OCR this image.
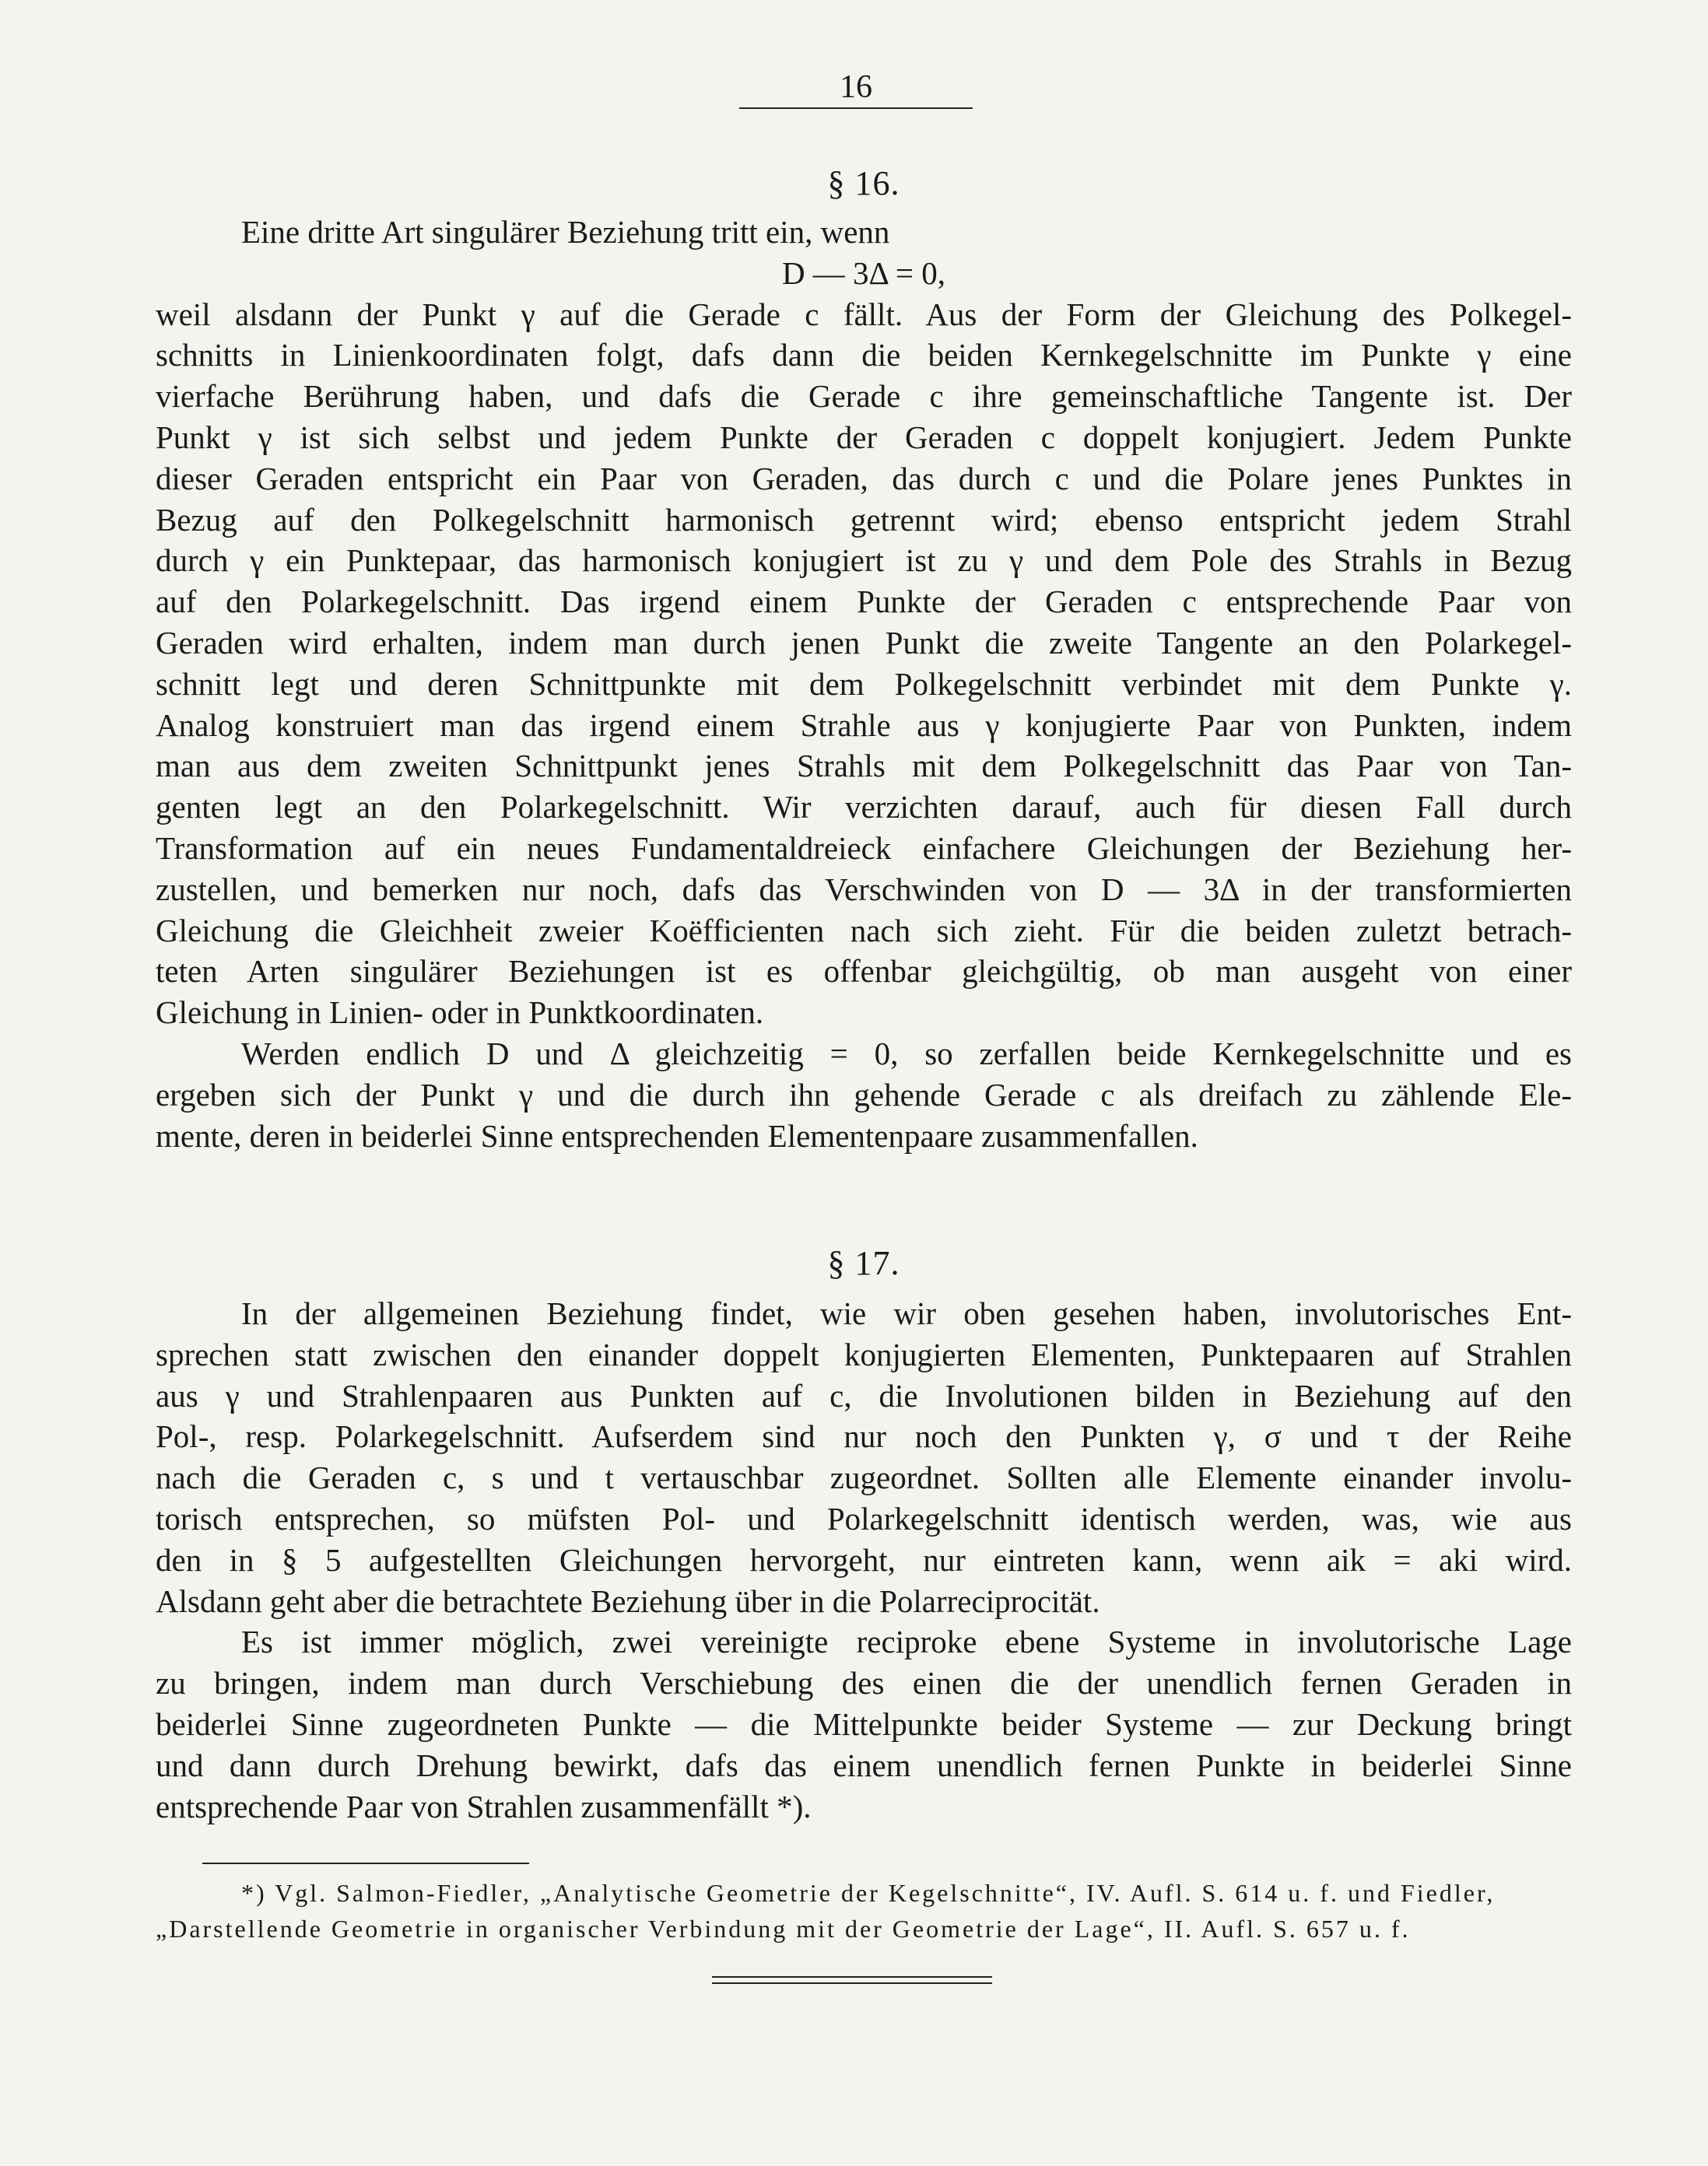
16
§ 16.
Eine dritte Art singulärer Beziehung tritt ein, wenn
D — 3Δ = 0,
weil alsdann der Punkt γ auf die Gerade c fällt. Aus der Form der Gleichung des Polkegel-
schnitts in Linienkoordinaten folgt, dafs dann die beiden Kernkegelschnitte im Punkte γ eine
vierfache Berührung haben, und dafs die Gerade c ihre gemeinschaftliche Tangente ist. Der
Punkt γ ist sich selbst und jedem Punkte der Geraden c doppelt konjugiert. Jedem Punkte
dieser Geraden entspricht ein Paar von Geraden, das durch c und die Polare jenes Punktes in
Bezug auf den Polkegelschnitt harmonisch getrennt wird; ebenso entspricht jedem Strahl
durch γ ein Punktepaar, das harmonisch konjugiert ist zu γ und dem Pole des Strahls in Bezug
auf den Polarkegelschnitt. Das irgend einem Punkte der Geraden c entsprechende Paar von
Geraden wird erhalten, indem man durch jenen Punkt die zweite Tangente an den Polarkegel-
schnitt legt und deren Schnittpunkte mit dem Polkegelschnitt verbindet mit dem Punkte γ.
Analog konstruiert man das irgend einem Strahle aus γ konjugierte Paar von Punkten, indem
man aus dem zweiten Schnittpunkt jenes Strahls mit dem Polkegelschnitt das Paar von Tan-
genten legt an den Polarkegelschnitt. Wir verzichten darauf, auch für diesen Fall durch
Transformation auf ein neues Fundamentaldreieck einfachere Gleichungen der Beziehung her-
zustellen, und bemerken nur noch, dafs das Verschwinden von D — 3Δ in der transformierten
Gleichung die Gleichheit zweier Koëfficienten nach sich zieht. Für die beiden zuletzt betrach-
teten Arten singulärer Beziehungen ist es offenbar gleichgültig, ob man ausgeht von einer
Gleichung in Linien- oder in Punktkoordinaten.
Werden endlich D und Δ gleichzeitig = 0, so zerfallen beide Kernkegelschnitte und es
ergeben sich der Punkt γ und die durch ihn gehende Gerade c als dreifach zu zählende Ele-
mente, deren in beiderlei Sinne entsprechenden Elementenpaare zusammenfallen.
§ 17.
In der allgemeinen Beziehung findet, wie wir oben gesehen haben, involutorisches Ent-
sprechen statt zwischen den einander doppelt konjugierten Elementen, Punktepaaren auf Strahlen
aus γ und Strahlenpaaren aus Punkten auf c, die Involutionen bilden in Beziehung auf den
Pol-, resp. Polarkegelschnitt. Aufserdem sind nur noch den Punkten γ, σ und τ der Reihe
nach die Geraden c, s und t vertauschbar zugeordnet. Sollten alle Elemente einander involu-
torisch entsprechen, so müfsten Pol- und Polarkegelschnitt identisch werden, was, wie aus
den in § 5 aufgestellten Gleichungen hervorgeht, nur eintreten kann, wenn aik = aki wird.
Alsdann geht aber die betrachtete Beziehung über in die Polarreciprocität.
Es ist immer möglich, zwei vereinigte reciproke ebene Systeme in involutorische Lage
zu bringen, indem man durch Verschiebung des einen die der unendlich fernen Geraden in
beiderlei Sinne zugeordneten Punkte — die Mittelpunkte beider Systeme — zur Deckung bringt
und dann durch Drehung bewirkt, dafs das einem unendlich fernen Punkte in beiderlei Sinne
entsprechende Paar von Strahlen zusammenfällt *).
*) Vgl. Salmon-Fiedler, „Analytische Geometrie der Kegelschnitte“, IV. Aufl. S. 614 u. f. und Fiedler,
„Darstellende Geometrie in organischer Verbindung mit der Geometrie der Lage“, II. Aufl. S. 657 u. f.
